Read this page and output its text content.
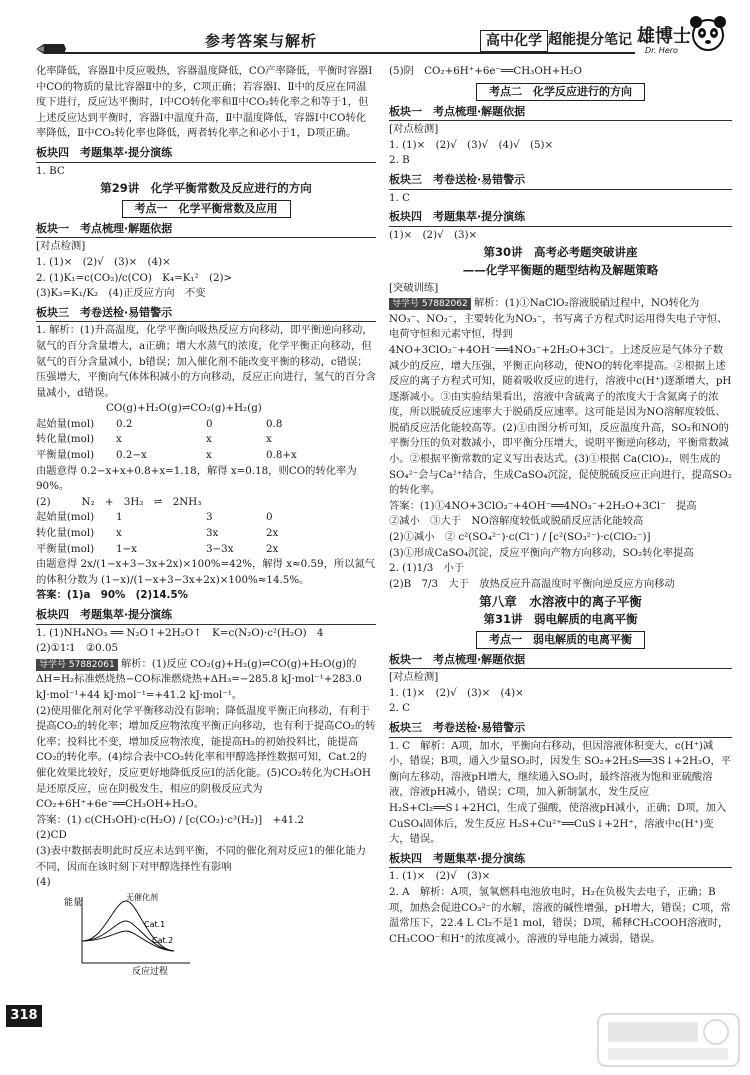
参考答案与解析	高中化学 超能提分笔记 雄博士
Dr. Hero

化率降低，容器Ⅱ中反应吸热，容器温度降低，CO产率降低，平衡时容器Ⅰ中CO的物质的量比容器Ⅱ中的多，C项正确；若容器Ⅰ、Ⅱ中的反应在同温度下进行，反应达平衡时，Ⅰ中CO转化率和Ⅱ中CO₂转化率之和等于1，但上述反应达到平衡时，容器Ⅰ中温度升高，Ⅱ中温度降低，容器Ⅰ中CO转化率降低，Ⅱ中CO₂转化率也降低，两者转化率之和必小于1，D项正确。

板块四　考题集萃·提分演练

1. BC

第29讲　化学平衡常数及反应进行的方向
考点一　化学平衡常数及应用
板块一　考点梳理·解题依据

[对点检测]

1. (1)×　(2)√　(3)×　(4)×

2. (1)K₁=c(CO₂)/c(CO)　K₄=K₁²　(2)>

(3)K₃=K₁/K₂　(4)正反应方向　不变

板块三　考卷送检·易错警示

1. 解析：(1)升高温度，化学平衡向吸热反应方向移动，即平衡逆向移动，氨气的百分含量增大，a正确；增大水蒸气的浓度，化学平衡正向移动，但氨气的百分含量减小，b错误；加入催化剂不能改变平衡的移动，c错误；压强增大，平衡向气体体积减小的方向移动，反应正向进行，氢气的百分含量减小，d错误。

CO(g)+H₂O(g)⇌CO₂(g)+H₂(g)

起始量(mol)	0.2	0	0.8
转化量(mol)	x	x	x
平衡量(mol)	0.2−x	x	0.8+x

由题意得 0.2−x+x+0.8+x=1.18，解得 x=0.18，则CO的转化率为90%。

(2)　　　N₂　+　3H₂　⇌　2NH₃

起始量(mol)	1	3	0
转化量(mol)	x	3x	2x
平衡量(mol)	1−x	3−3x	2x

由题意得 2x/(1−x+3−3x+2x)×100%=42%，解得 x≈0.59，所以氮气的体积分数为 (1−x)/(1−x+3−3x+2x)×100%≈14.5%。

答案：(1)a　90%　(2)14.5%

板块四　考题集萃·提分演练

1. (1)NH₄NO₃ ══ N₂O↑+2H₂O↑　K=c(N₂O)·c²(H₂O)　4

(2)①1∶1　②0.05

导学号 57882061 解析：(1)反应 CO₂(g)+H₂(g)⇌CO(g)+H₂O(g)的ΔH=H₂标准燃烧热−CO标准燃烧热+ΔH₃=−285.8 kJ·mol⁻¹+283.0 kJ·mol⁻¹+44 kJ·mol⁻¹=+41.2 kJ·mol⁻¹。

(2)使用催化剂对化学平衡移动没有影响；降低温度平衡正向移动，有利于提高CO₂的转化率；增加反应物浓度平衡正向移动，也有利于提高CO₂的转化率；投料比不变，增加反应物浓度，能提高H₂的初始投料比，能提高CO₂的转化率。(4)综合表中CO₂转化率和甲醇选择性数据可知，Cat.2的催化效果比较好，反应更好地降低反应Ⅰ的活化能。(5)CO₂转化为CH₃OH是还原反应，应在阴极发生，相应的阴极反应式为 CO₂+6H⁺+6e⁻══CH₃OH+H₂O。

答案：(1) c(CH₃OH)·c(H₂O) / [c(CO₂)·c³(H₂)]　+41.2

(2)CD

(3)表中数据表明此时反应未达到平衡，不同的催化剂对反应1的催化能力不同，因而在该时刻下对甲醇选择性有影响

(4)

能量
反应过程
无催化剂
Cat.1
Cat.2

(5)阴　CO₂+6H⁺+6e⁻══CH₃OH+H₂O

考点二　化学反应进行的方向
板块一　考点梳理·解题依据

[对点检测]

1. (1)×　(2)√　(3)√　(4)√　(5)×

2. B

板块三　考卷送检·易错警示

1. C

板块四　考题集萃·提分演练

(1)×　(2)√　(3)×

第30讲　高考必考题突破讲座
——化学平衡题的题型结构及解题策略

[突破训练]

导学号 57882062 解析：(1)①NaClO₂溶液脱硝过程中，NO转化为NO₃⁻、NO₂⁻，主要转化为NO₃⁻，书写离子方程式时运用得失电子守恒、电荷守恒和元素守恒，得到 4NO+3ClO₂⁻+4OH⁻══4NO₃⁻+2H₂O+3Cl⁻。上述反应是气体分子数减少的反应，增大压强，平衡正向移动，使NO的转化率提高。②根据上述反应的离子方程式可知，随着吸收反应的进行，溶液中c(H⁺)逐渐增大，pH逐渐减小。③由实验结果看出，溶液中含硫离子的浓度大于含氮离子的浓度，所以脱硫反应速率大于脱硝反应速率。这可能是因为NO溶解度较低、脱硝反应活化能较高等。(2)①由图分析可知，反应温度升高，SO₂和NO的平衡分压的负对数减小，即平衡分压增大，说明平衡逆向移动，平衡常数减小。②根据平衡常数的定义写出表达式。(3)①根据 Ca(ClO)₂，则生成的SO₄²⁻会与Ca²⁺结合，生成CaSO₄沉淀，促使脱硫反应正向进行，提高SO₂的转化率。

答案：(1)①4NO+3ClO₂⁻+4OH⁻══4NO₃⁻+2H₂O+3Cl⁻　提高

②减小　③大于　NO溶解度较低或脱硝反应活化能较高

(2)①减小　② c²(SO₄²⁻)·c(Cl⁻) / [c²(SO₃²⁻)·c(ClO₂⁻)]

(3)①形成CaSO₄沉淀，反应平衡向产物方向移动，SO₂转化率提高

2. (1)1/3　小于

(2)B　7/3　大于　放热反应升高温度时平衡向逆反应方向移动

第八章　水溶液中的离子平衡
第31讲　弱电解质的电离平衡
考点一　弱电解质的电离平衡
板块一　考点梳理·解题依据

[对点检测]

1. (1)×　(2)√　(3)×　(4)×

2. C

板块三　考卷送检·易错警示

1. C　解析：A项，加水，平衡向右移动，但因溶液体积变大，c(H⁺)减小，错误；B项，通入少量SO₂时，因发生 SO₂+2H₂S══3S↓+2H₂O，平衡向左移动，溶液pH增大，继续通入SO₂时，最终溶液为饱和亚硫酸溶液，溶液pH减小，错误；C项，加入新制氯水，发生反应 H₂S+Cl₂══S↓+2HCl，生成了强酸，使溶液pH减小，正确；D项，加入CuSO₄固体后，发生反应 H₂S+Cu²⁺══CuS↓+2H⁺，溶液中c(H⁺)变大，错误。

板块四　考题集萃·提分演练

1. (1)×　(2)√　(3)×

2. A　解析：A项，氢氧燃料电池放电时，H₂在负极失去电子，正确；B项，加热会促进CO₃²⁻的水解，溶液的碱性增强，pH增大，错误；C项，常温常压下，22.4 L Cl₂不是1 mol，错误；D项，稀释CH₃COOH溶液时，CH₃COO⁻和H⁺的浓度减小，溶液的导电能力减弱，错误。

318
